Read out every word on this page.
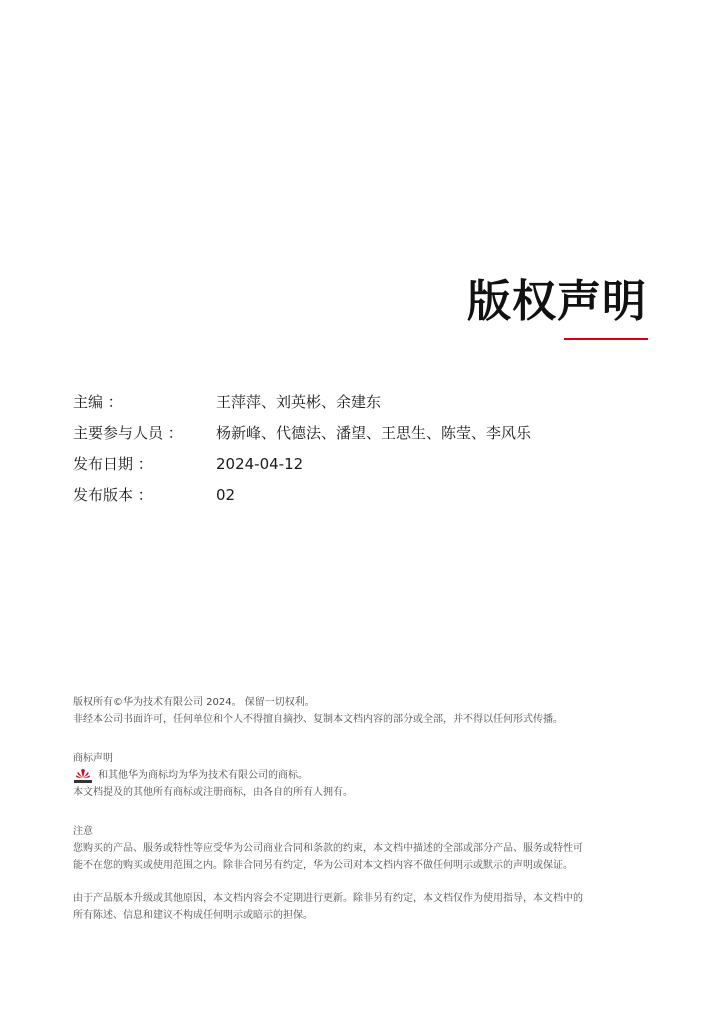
版权声明
主编 ：	王萍萍、刘英彬、余建东
主要参与人员 ：	杨新峰、代德法、潘望、王思生、陈莹、李风乐
发布日期 ：	2024-04-12
发布版本 ：	02

版权所有©华为技术有限公司 2024。 保留一切权利。

非经本公司书面许可，任何单位和个人不得擅自摘抄、复制本文档内容的部分或全部，并不得以任何形式传播。

商标声明

和其他华为商标均为华为技术有限公司的商标。

本文档提及的其他所有商标或注册商标，由各自的所有人拥有。

注意

您购买的产品、服务或特性等应受华为公司商业合同和条款的约束，本文档中描述的全部或部分产品、服务或特性可

能不在您的购买或使用范围之内。除非合同另有约定，华为公司对本文档内容不做任何明示或默示的声明或保证。

由于产品版本升级或其他原因，本文档内容会不定期进行更新。除非另有约定，本文档仅作为使用指导，本文档中的

所有陈述、信息和建议不构成任何明示或暗示的担保。
